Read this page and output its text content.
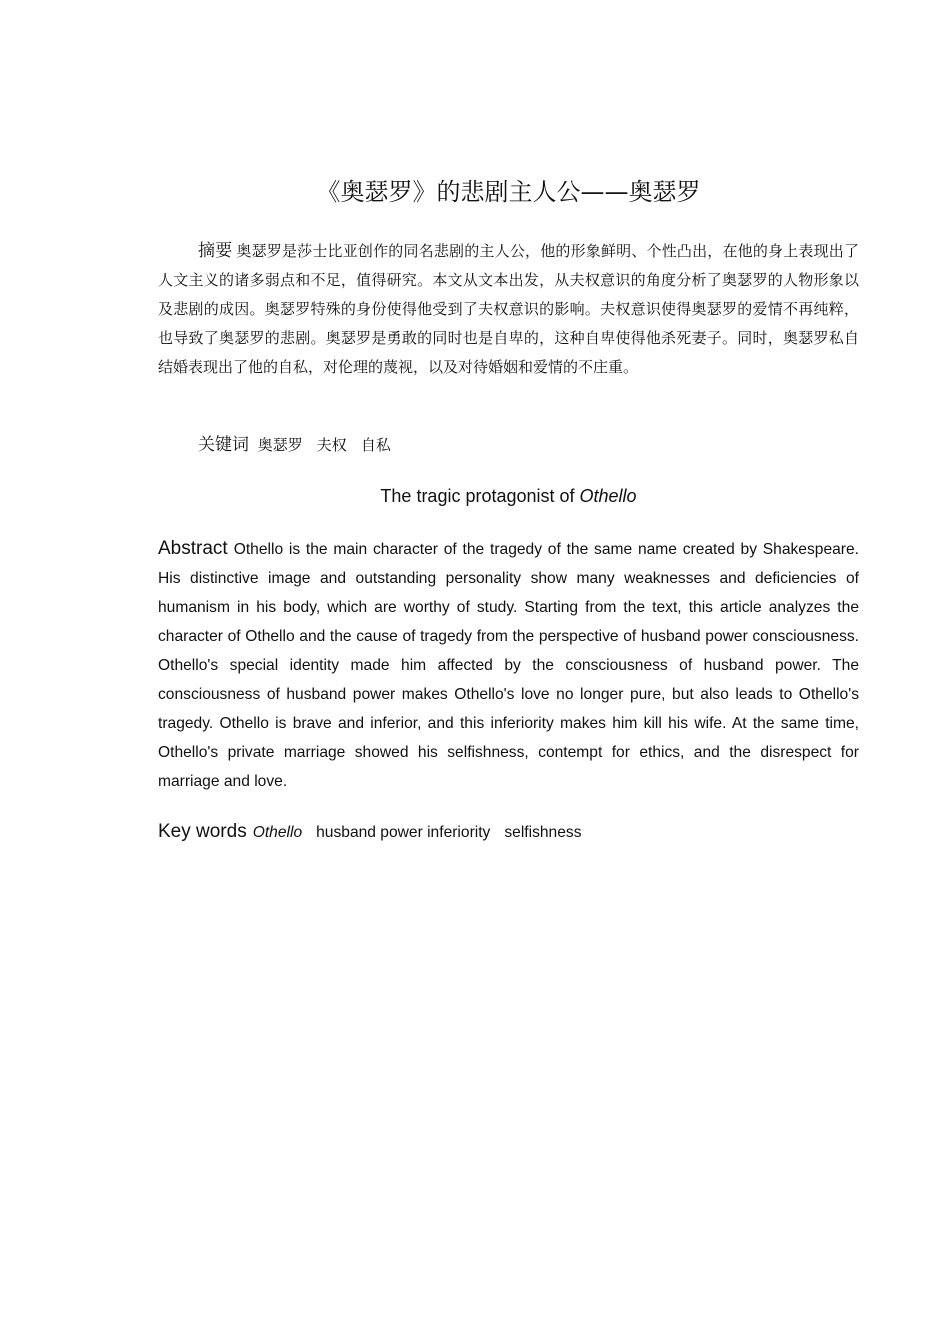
《奥瑟罗》的悲剧主人公——奥瑟罗

摘要 奥瑟罗是莎士比亚创作的同名悲剧的主人公，他的形象鲜明、个性凸出，在他的身上表现出了人文主义的诸多弱点和不足，值得研究。本文从文本出发，从夫权意识的角度分析了奥瑟罗的人物形象以及悲剧的成因。奥瑟罗特殊的身份使得他受到了夫权意识的影响。夫权意识使得奥瑟罗的爱情不再纯粹，也导致了奥瑟罗的悲剧。奥瑟罗是勇敢的同时也是自卑的，这种自卑使得他杀死妻子。同时，奥瑟罗私自结婚表现出了他的自私，对伦理的蔑视，以及对待婚姻和爱情的不庄重。

关键词 奥瑟罗 夫权 自私

The tragic protagonist of Othello

Abstract Othello is the main character of the tragedy of the same name created by Shakespeare. His distinctive image and outstanding personality show many weaknesses and deficiencies of humanism in his body, which are worthy of study. Starting from the text, this article analyzes the character of Othello and the cause of tragedy from the perspective of husband power consciousness. Othello's special identity made him affected by the consciousness of husband power. The consciousness of husband power makes Othello's love no longer pure, but also leads to Othello's tragedy. Othello is brave and inferior, and this inferiority makes him kill his wife. At the same time, Othello's private marriage showed his selfishness, contempt for ethics, and the disrespect for marriage and love.

Key words Othello husband power inferiority selfishness
